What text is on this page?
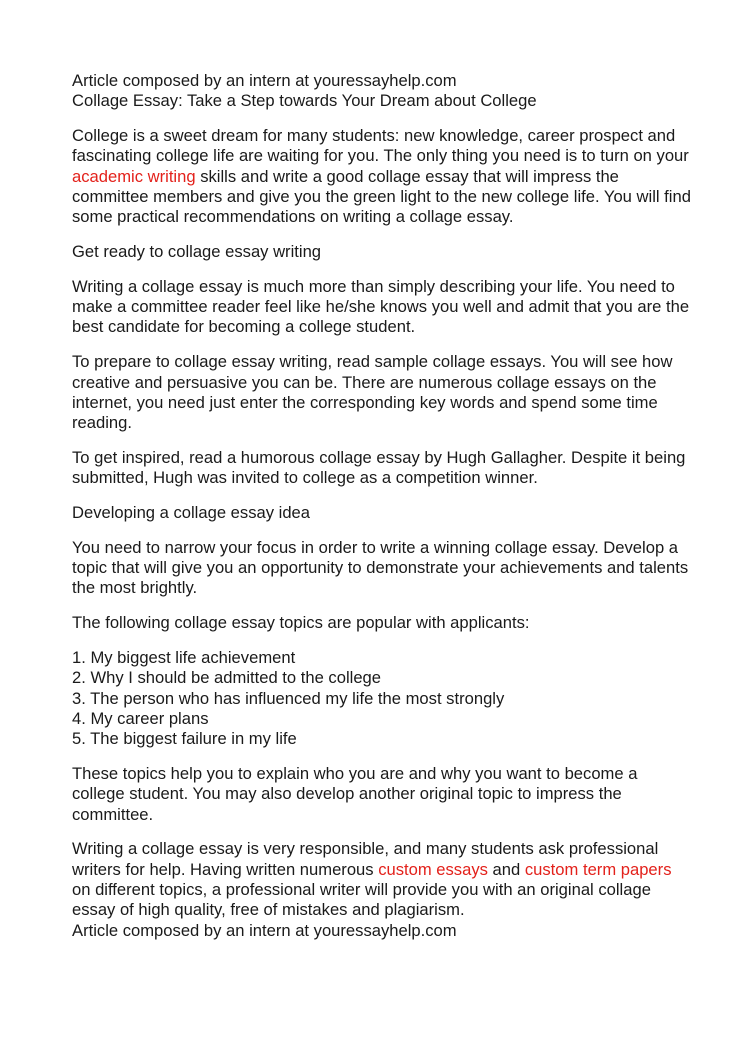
Article composed by an intern at youressayhelp.com
Collage Essay: Take a Step towards Your Dream about College

College is a sweet dream for many students: new knowledge, career prospect and fascinating college life are waiting for you. The only thing you need is to turn on your academic writing skills and write a good collage essay that will impress the committee members and give you the green light to the new college life. You will find some practical recommendations on writing a collage essay.

Get ready to collage essay writing

Writing a collage essay is much more than simply describing your life. You need to make a committee reader feel like he/she knows you well and admit that you are the best candidate for becoming a college student.

To prepare to collage essay writing, read sample collage essays. You will see how creative and persuasive you can be. There are numerous collage essays on the internet, you need just enter the corresponding key words and spend some time reading.

To get inspired, read a humorous collage essay by Hugh Gallagher. Despite it being submitted, Hugh was invited to college as a competition winner.

Developing a collage essay idea

You need to narrow your focus in order to write a winning collage essay. Develop a topic that will give you an opportunity to demonstrate your achievements and talents the most brightly.

The following collage essay topics are popular with applicants:

1. My biggest life achievement
2. Why I should be admitted to the college
3. The person who has influenced my life the most strongly
4. My career plans
5. The biggest failure in my life

These topics help you to explain who you are and why you want to become a college student. You may also develop another original topic to impress the committee.

Writing a collage essay is very responsible, and many students ask professional writers for help. Having written numerous custom essays and custom term papers on different topics, a professional writer will provide you with an original collage essay of high quality, free of mistakes and plagiarism.
Article composed by an intern at youressayhelp.com
